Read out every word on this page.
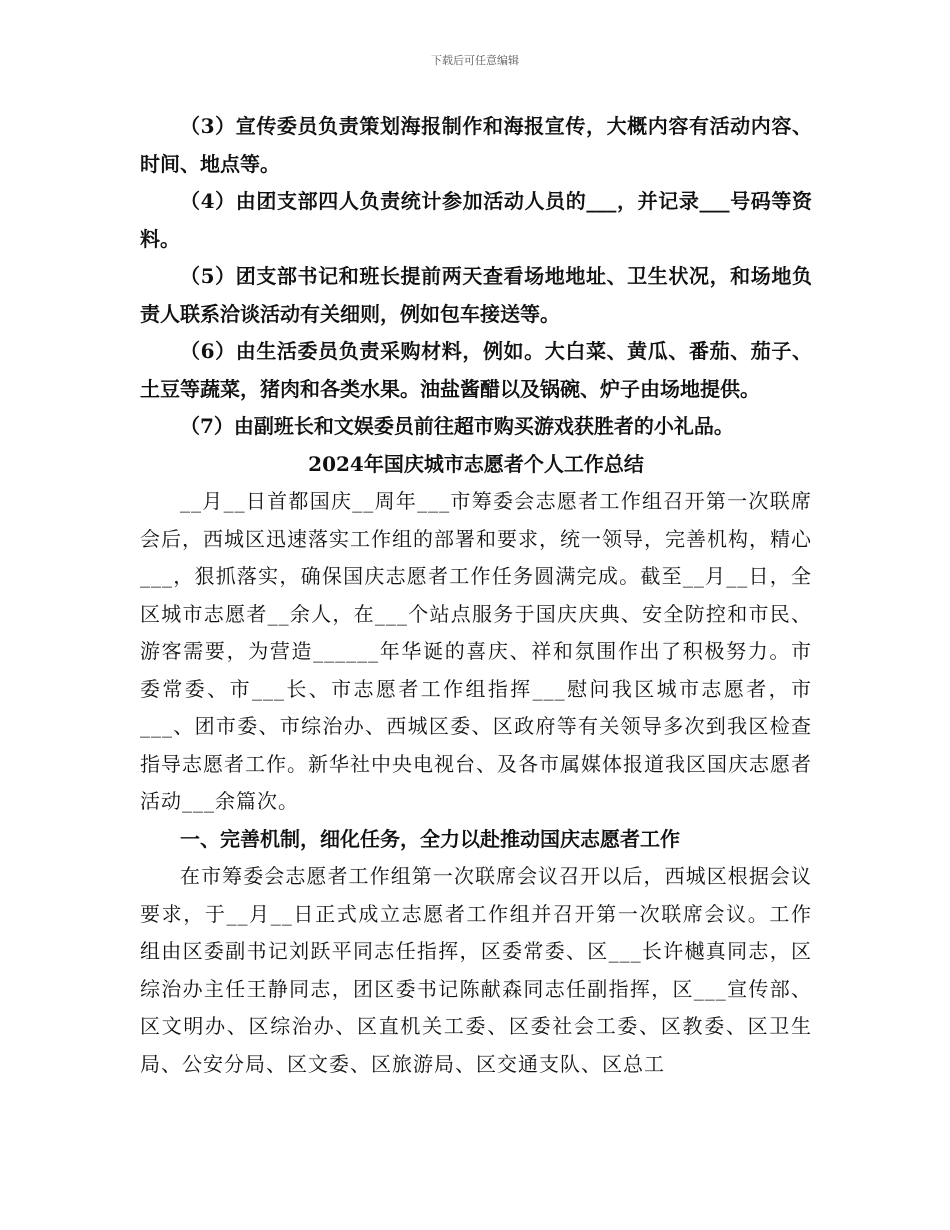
下载后可任意编辑

（3）宣传委员负责策划海报制作和海报宣传，大概内容有活动内容、时间、地点等。

（4）由团支部四人负责统计参加活动人员的___，并记录___号码等资料。

（5）团支部书记和班长提前两天查看场地地址、卫生状况，和场地负责人联系洽谈活动有关细则，例如包车接送等。

（6）由生活委员负责采购材料，例如。大白菜、黄瓜、番茄、茄子、土豆等蔬菜，猪肉和各类水果。油盐酱醋以及锅碗、炉子由场地提供。

（7）由副班长和文娱委员前往超市购买游戏获胜者的小礼品。

2024年国庆城市志愿者个人工作总结

__月__日首都国庆__周年___市筹委会志愿者工作组召开第一次联席会后，西城区迅速落实工作组的部署和要求，统一领导，完善机构，精心___，狠抓落实，确保国庆志愿者工作任务圆满完成。截至__月__日，全区城市志愿者__余人，在___个站点服务于国庆庆典、安全防控和市民、游客需要，为营造______年华诞的喜庆、祥和氛围作出了积极努力。市委常委、市___长、市志愿者工作组指挥___慰问我区城市志愿者，市___、团市委、市综治办、西城区委、区政府等有关领导多次到我区检查指导志愿者工作。新华社中央电视台、及各市属媒体报道我区国庆志愿者活动___余篇次。

一、完善机制，细化任务，全力以赴推动国庆志愿者工作

在市筹委会志愿者工作组第一次联席会议召开以后，西城区根据会议要求，于__月__日正式成立志愿者工作组并召开第一次联席会议。工作组由区委副书记刘跃平同志任指挥，区委常委、区___长许樾真同志，区综治办主任王静同志，团区委书记陈献森同志任副指挥，区___宣传部、区文明办、区综治办、区直机关工委、区委社会工委、区教委、区卫生局、公安分局、区文委、区旅游局、区交通支队、区总工
